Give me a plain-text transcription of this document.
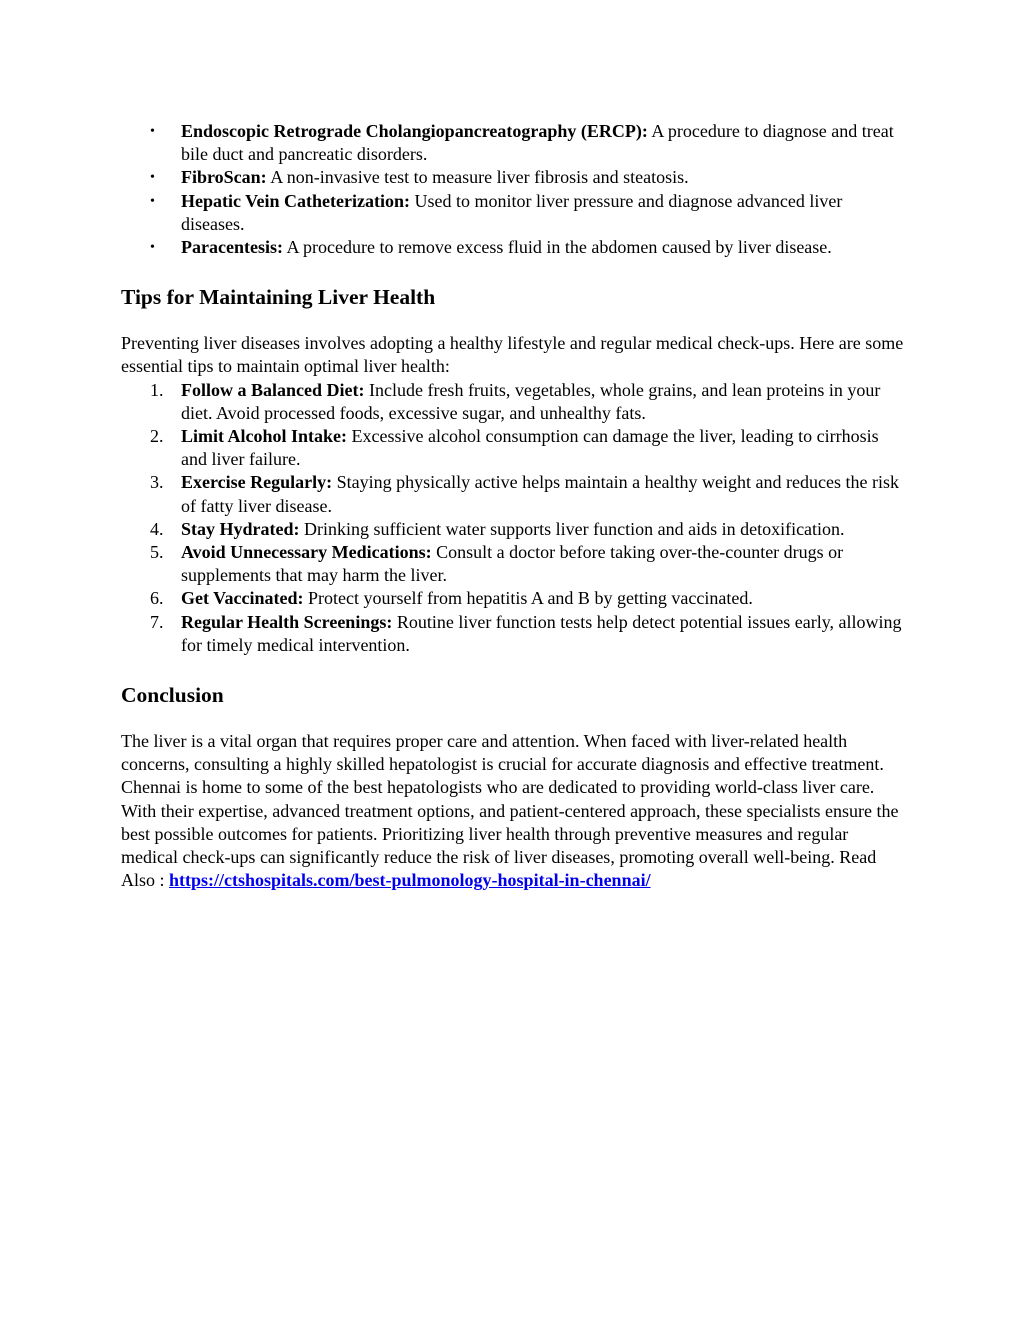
• Endoscopic Retrograde Cholangiopancreatography (ERCP): A procedure to diagnose and treat bile duct and pancreatic disorders.
• FibroScan: A non-invasive test to measure liver fibrosis and steatosis.
• Hepatic Vein Catheterization: Used to monitor liver pressure and diagnose advanced liver diseases.
• Paracentesis: A procedure to remove excess fluid in the abdomen caused by liver disease.
Tips for Maintaining Liver Health

Preventing liver diseases involves adopting a healthy lifestyle and regular medical check-ups. Here are some essential tips to maintain optimal liver health:

1. Follow a Balanced Diet: Include fresh fruits, vegetables, whole grains, and lean proteins in your diet. Avoid processed foods, excessive sugar, and unhealthy fats.
2. Limit Alcohol Intake: Excessive alcohol consumption can damage the liver, leading to cirrhosis and liver failure.
3. Exercise Regularly: Staying physically active helps maintain a healthy weight and reduces the risk of fatty liver disease.
4. Stay Hydrated: Drinking sufficient water supports liver function and aids in detoxification.
5. Avoid Unnecessary Medications: Consult a doctor before taking over-the-counter drugs or supplements that may harm the liver.
6. Get Vaccinated: Protect yourself from hepatitis A and B by getting vaccinated.
7. Regular Health Screenings: Routine liver function tests help detect potential issues early, allowing for timely medical intervention.
Conclusion

The liver is a vital organ that requires proper care and attention. When faced with liver-related health concerns, consulting a highly skilled hepatologist is crucial for accurate diagnosis and effective treatment. Chennai is home to some of the best hepatologists who are dedicated to providing world-class liver care. With their expertise, advanced treatment options, and patient-centered approach, these specialists ensure the best possible outcomes for patients. Prioritizing liver health through preventive measures and regular medical check-ups can significantly reduce the risk of liver diseases, promoting overall well-being. Read Also : https://ctshospitals.com/best-pulmonology-hospital-in-chennai/
